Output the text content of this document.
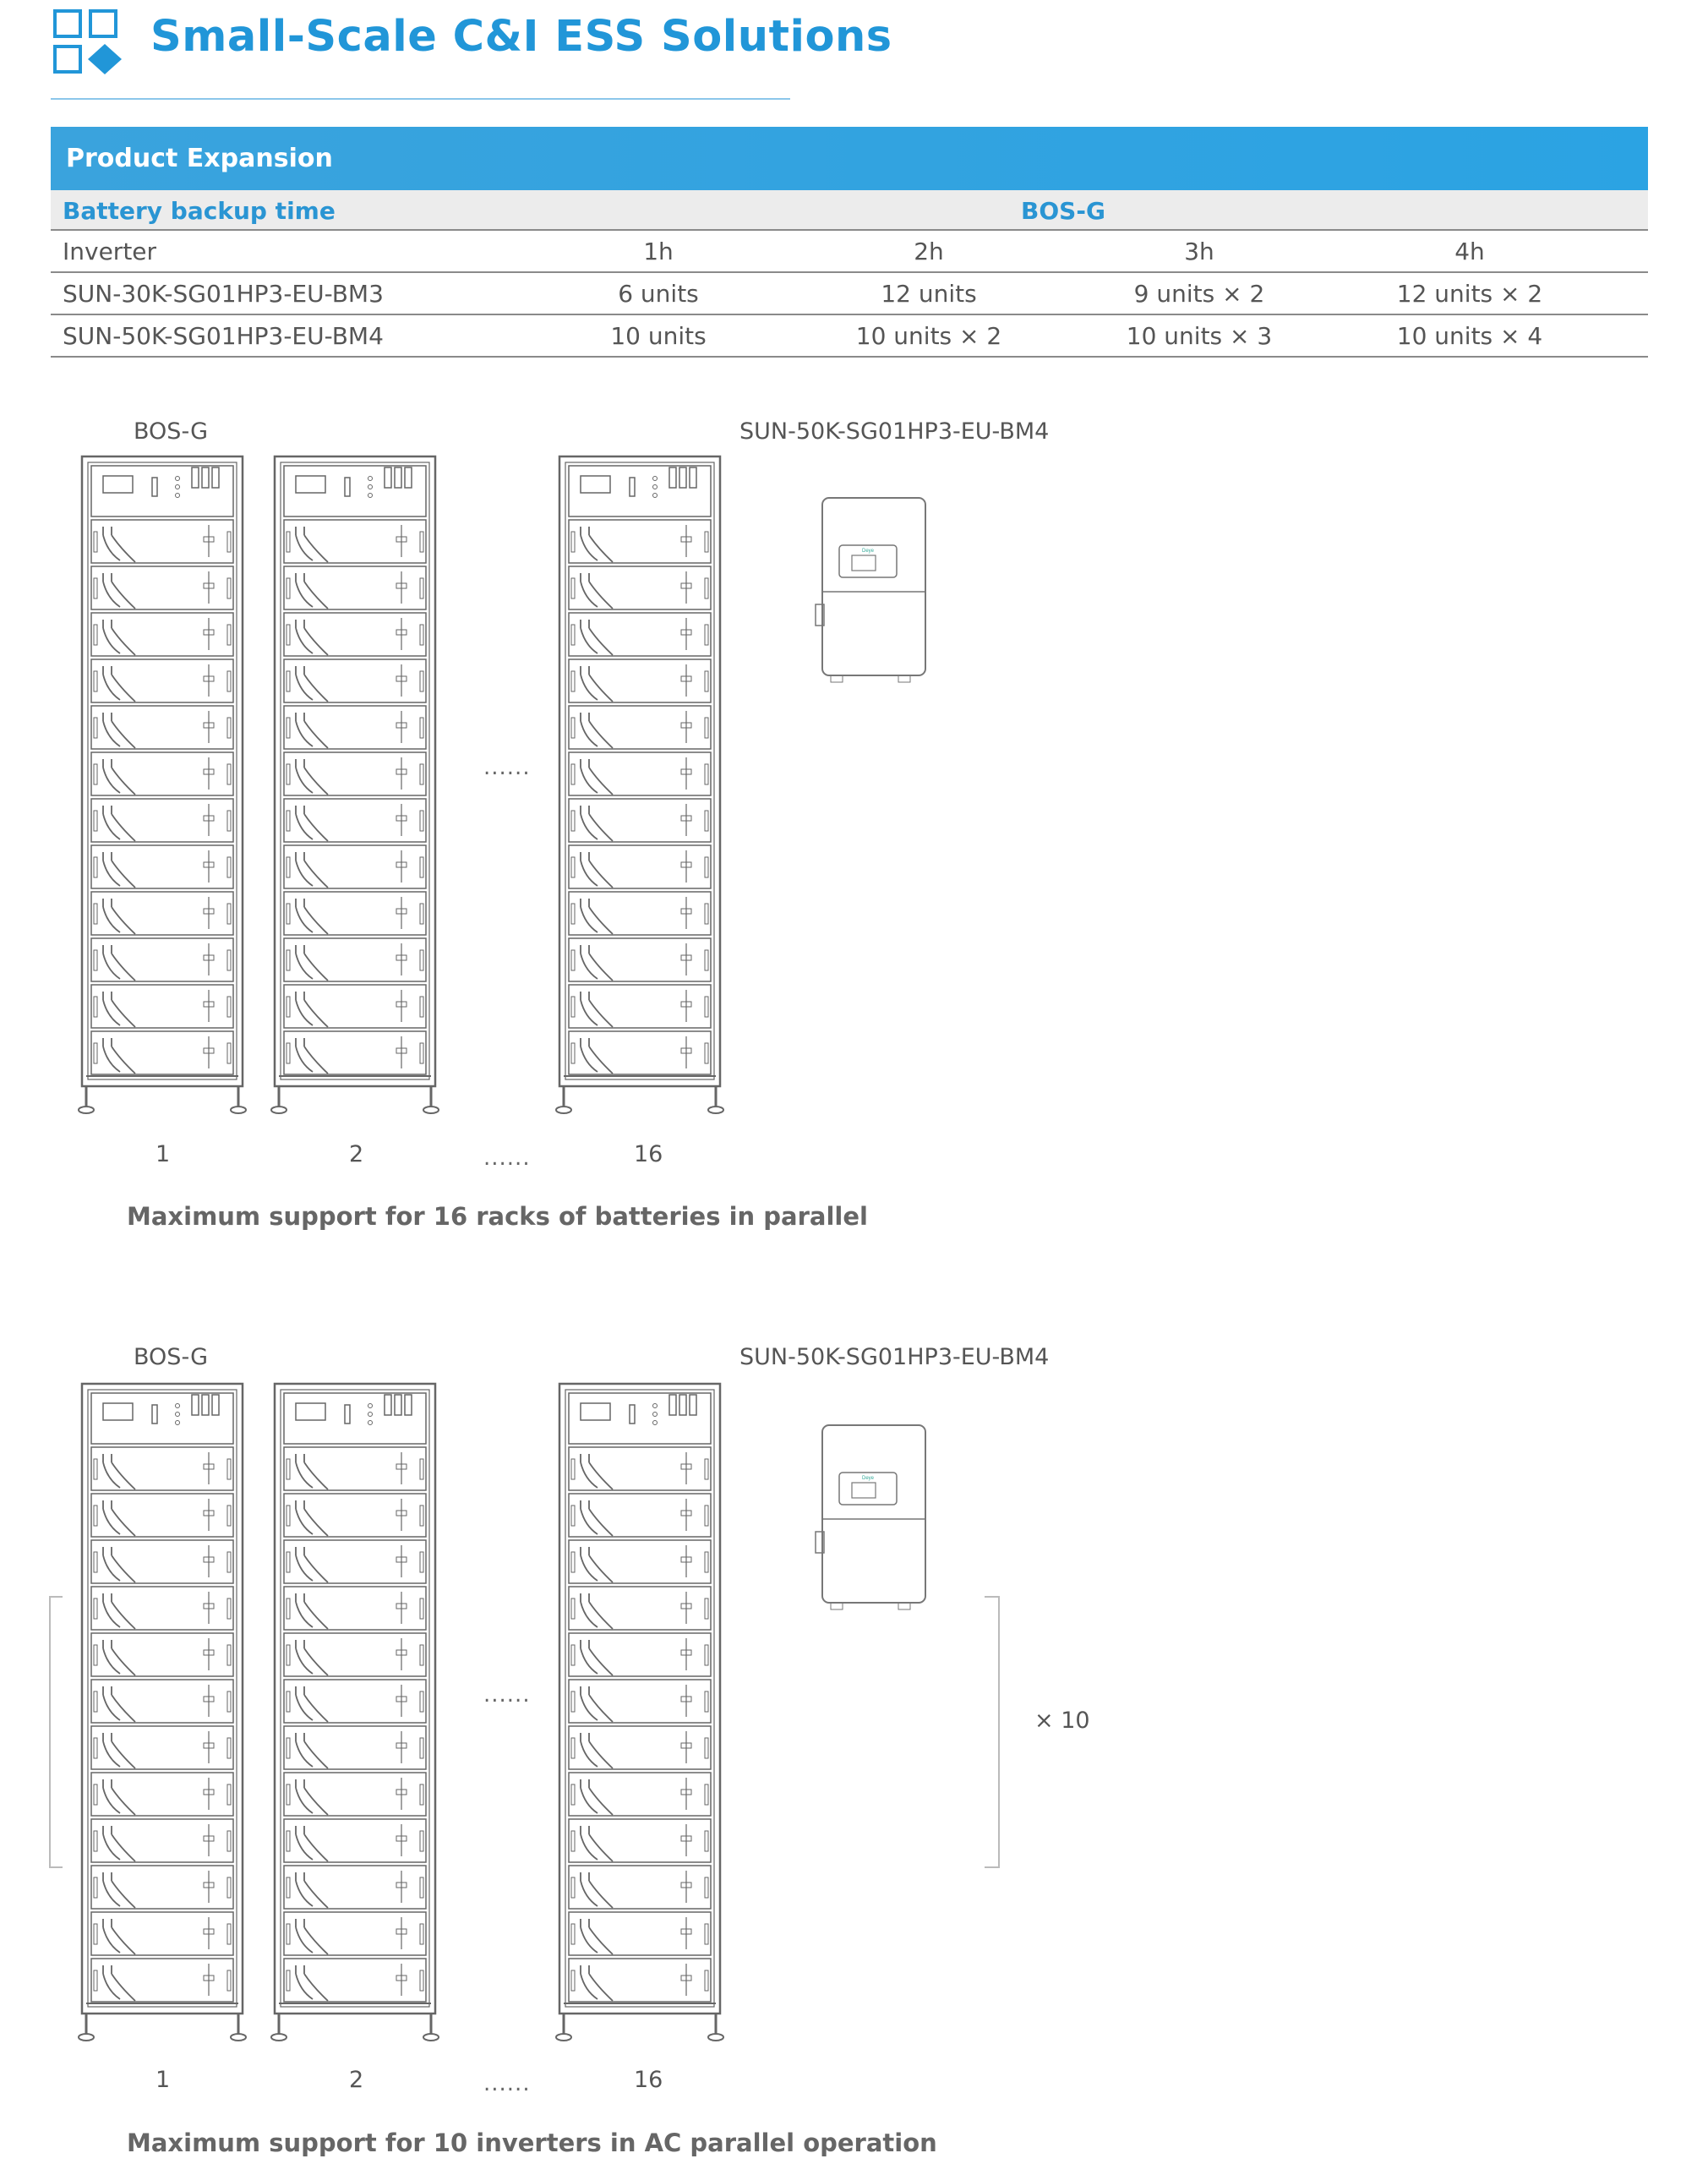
Small-Scale C&I ESS Solutions
Product Expansion
Battery backup time	BOS-G
Inverter	1h	2h	3h	4h
SUN-30K-SG01HP3-EU-BM3	6 units	12 units	9 units × 2	12 units × 2
SUN-50K-SG01HP3-EU-BM4	10 units	10 units × 2	10 units × 3	10 units × 4
BOS-G	SUN-50K-SG01HP3-EU-BM4
......
Deye
1	2	......	16
Maximum support for 16 racks of batteries in parallel
BOS-G	SUN-50K-SG01HP3-EU-BM4
......
Deye
× 10
1	2	......	16
Maximum support for 10 inverters in AC parallel operation
